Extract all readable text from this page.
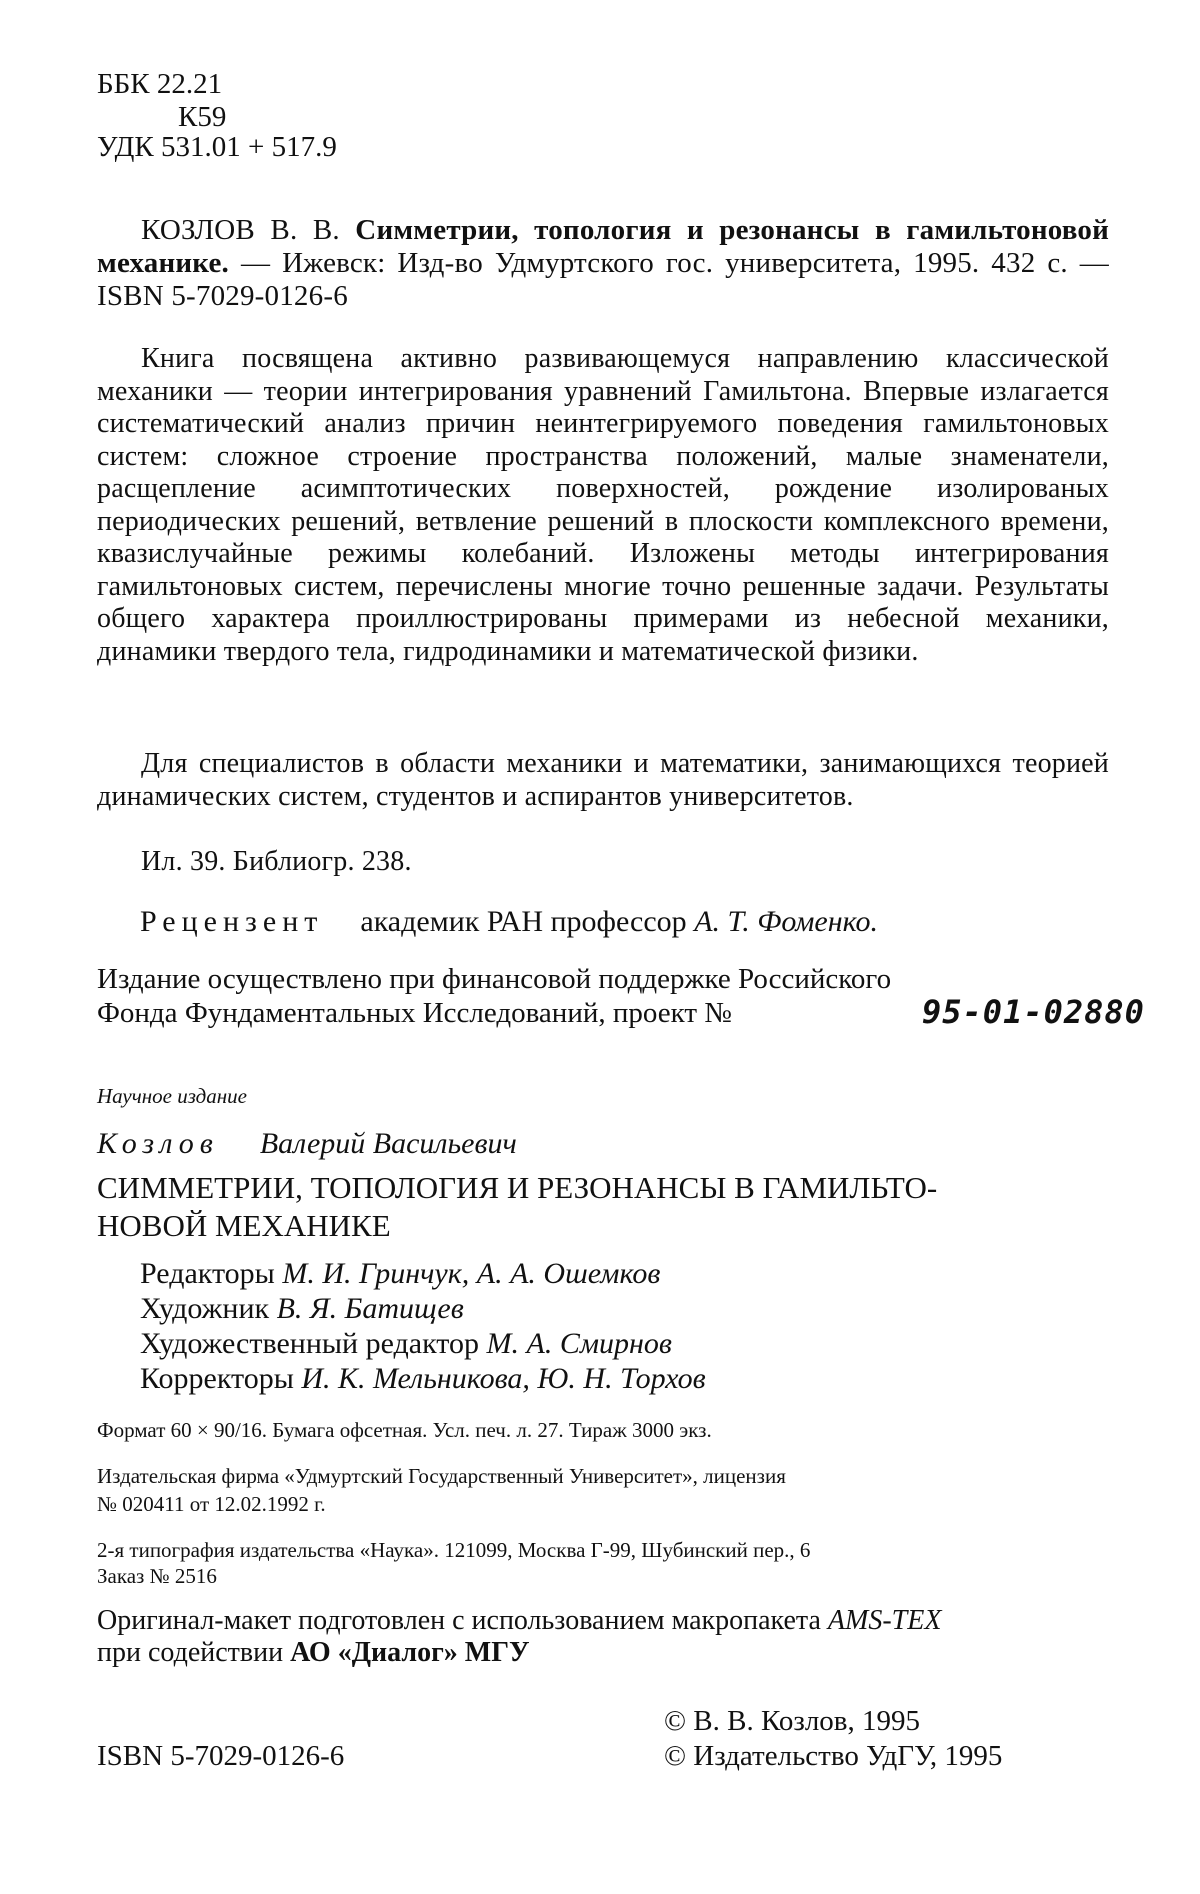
ББК 22.21
К59
УДК 531.01 + 517.9
КОЗЛОВ В. В. Симметрии, топология и резонансы в гамильтоновой механике. — Ижевск: Изд-во Удмуртского гос. университета, 1995. 432 с. — ISBN 5-7029-0126-6
Книга посвящена активно развивающемуся направлению классической механики — теории интегрирования уравнений Гамильтона. Впервые излагается систематический анализ причин неинтегрируемого поведения гамильтоновых систем: сложное строение пространства положений, малые знаменатели, расщепление асимптотических поверхностей, рождение изолированых периодических решений, ветвление решений в плоскости комплексного времени, квазислучайные режимы колебаний. Изложены методы интегрирования гамильтоновых систем, перечислены многие точно решенные задачи. Результаты общего характера проиллюстрированы примерами из небесной механики, динамики твердого тела, гидродинамики и математической физики.
Для специалистов в области механики и математики, занимающихся теорией динамических систем, студентов и аспирантов университетов.
Ил. 39. Библиогр. 238.
Рецензент академик РАН профессор А. Т. Фоменко.
Издание осуществлено при финансовой поддержке Российского
Фонда Фундаментальных Исследований, проект №	95-01-02880
Научное издание
Козлов Валерий Васильевич
СИММЕТРИИ, ТОПОЛОГИЯ И РЕЗОНАНСЫ В ГАМИЛЬТО-
НОВОЙ МЕХАНИКЕ
Редакторы М. И. Гринчук, А. А. Ошемков
Художник В. Я. Батищев
Художественный редактор М. А. Смирнов
Корректоры И. К. Мельникова, Ю. Н. Торхов
Формат 60 × 90/16. Бумага офсетная. Усл. печ. л. 27. Тираж 3000 экз.
Издательская фирма «Удмуртский Государственный Университет», лицензия
№ 020411 от 12.02.1992 г.
2-я типография издательства «Наука». 121099, Москва Г-99, Шубинский пер., 6
Заказ № 2516
Оригинал-макет подготовлен с использованием макропакета AMS-TEX
при содействии АО «Диалог» МГУ
© В. В. Козлов, 1995
ISBN 5-7029-0126-6	© Издательство УдГУ, 1995
